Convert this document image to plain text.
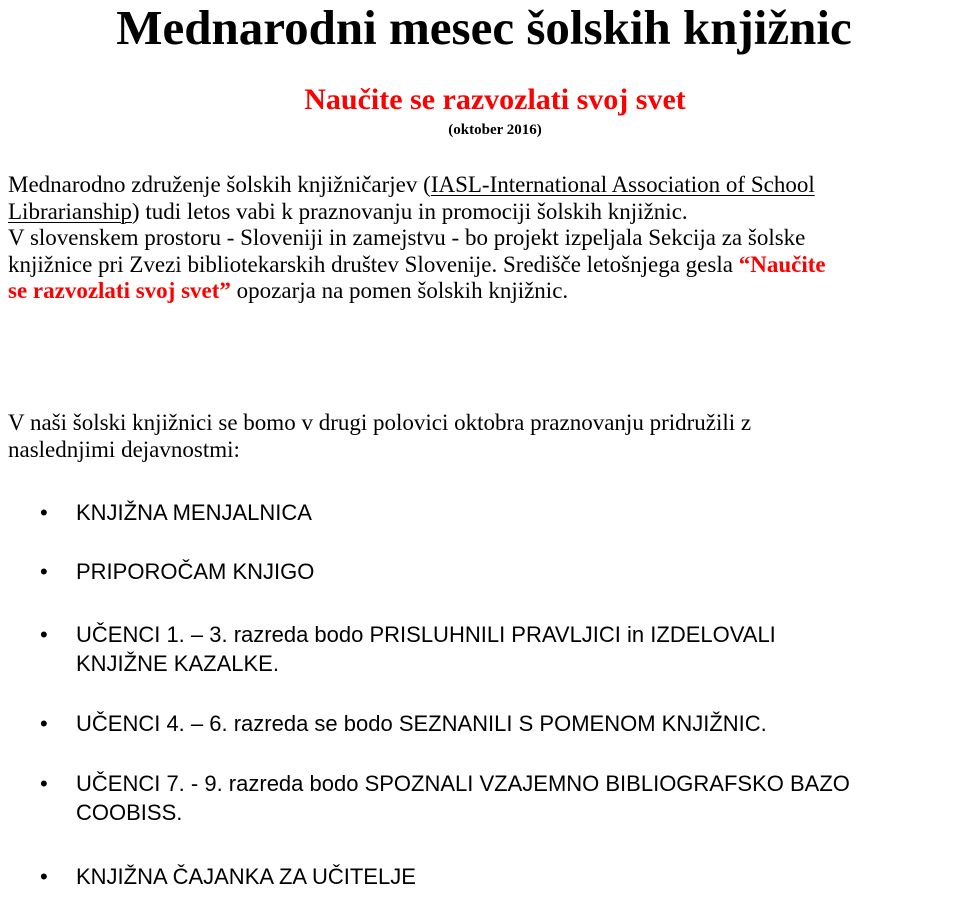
Mednarodni mesec šolskih knjižnic
Naučite se razvozlati svoj svet
(oktober 2016)
Mednarodno združenje šolskih knjižničarjev (IASL-International Association of School
Librarianship) tudi letos vabi k praznovanju in promociji šolskih knjižnic.
V slovenskem prostoru - Sloveniji in zamejstvu - bo projekt izpeljala Sekcija za šolske
knjižnice pri Zvezi bibliotekarskih društev Slovenije. Središče letošnjega gesla “Naučite
se razvozlati svoj svet” opozarja na pomen šolskih knjižnic.
V naši šolski knjižnici se bomo v drugi polovici oktobra praznovanju pridružili z
naslednjimi dejavnostmi:
• KNJIŽNA MENJALNICA
• PRIPOROČAM KNJIGO
• UČENCI 1. – 3. razreda bodo PRISLUHNILI PRAVLJICI in IZDELOVALI
KNJIŽNE KAZALKE.
• UČENCI 4. – 6. razreda se bodo SEZNANILI S POMENOM KNJIŽNIC.
• UČENCI 7. - 9. razreda bodo SPOZNALI VZAJEMNO BIBLIOGRAFSKO BAZO
COOBISS.
• KNJIŽNA ČAJANKA ZA UČITELJE
